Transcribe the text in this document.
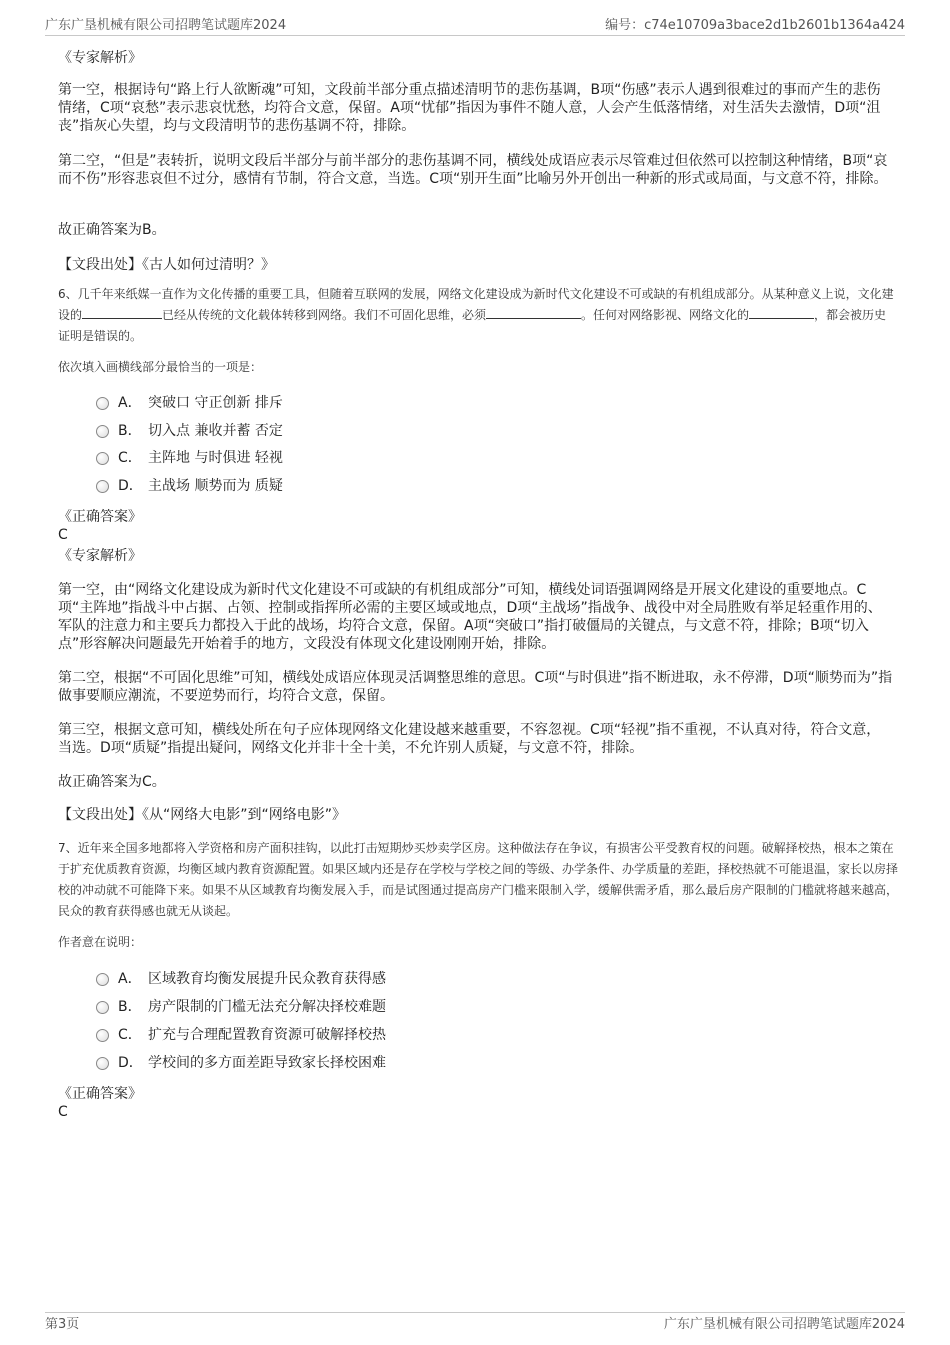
广东广垦机械有限公司招聘笔试题库2024	编号：c74e10709a3bace2d1b2601b1364a424

《专家解析》

第一空，根据诗句“路上行人欲断魂”可知，文段前半部分重点描述清明节的悲伤基调，B项“伤感”表示人遇到很难过的事而产生的悲伤情绪，C项“哀愁”表示悲哀忧愁，均符合文意，保留。A项“忧郁”指因为事件不随人意，人会产生低落情绪，对生活失去激情，D项“沮丧”指灰心失望，均与文段清明节的悲伤基调不符，排除。

第二空，“但是”表转折，说明文段后半部分与前半部分的悲伤基调不同，横线处成语应表示尽管难过但依然可以控制这种情绪，B项“哀而不伤”形容悲哀但不过分，感情有节制，符合文意，当选。C项“别开生面”比喻另外开创出一种新的形式或局面，与文意不符，排除。

故正确答案为B。

【文段出处】《古人如何过清明？》

6、几千年来纸媒一直作为文化传播的重要工具，但随着互联网的发展，网络文化建设成为新时代文化建设不可或缺的有机组成部分。从某种意义上说，文化建设的	已经从传统的文化载体转移到网络。我们不可固化思维，必须	。任何对网络影视、网络文化的	，都会被历史证明是错误的。

依次填入画横线部分最恰当的一项是：

A． 突破口 守正创新 排斥
B． 切入点 兼收并蓄 否定
C． 主阵地 与时俱进 轻视
D． 主战场 顺势而为 质疑

《正确答案》

C

《专家解析》

第一空，由“网络文化建设成为新时代文化建设不可或缺的有机组成部分”可知，横线处词语强调网络是开展文化建设的重要地点。C项“主阵地”指战斗中占据、占领、控制或指挥所必需的主要区域或地点，D项“主战场”指战争、战役中对全局胜败有举足轻重作用的、军队的注意力和主要兵力都投入于此的战场，均符合文意，保留。A项“突破口”指打破僵局的关键点，与文意不符，排除；B项“切入点”形容解决问题最先开始着手的地方，文段没有体现文化建设刚刚开始，排除。

第二空，根据“不可固化思维”可知，横线处成语应体现灵活调整思维的意思。C项“与时俱进”指不断进取，永不停滞，D项“顺势而为”指做事要顺应潮流，不要逆势而行，均符合文意，保留。

第三空，根据文意可知，横线处所在句子应体现网络文化建设越来越重要，不容忽视。C项“轻视”指不重视，不认真对待，符合文意，当选。D项“质疑”指提出疑问，网络文化并非十全十美，不允许别人质疑，与文意不符，排除。

故正确答案为C。

【文段出处】《从“网络大电影”到“网络电影”》

7、近年来全国多地都将入学资格和房产面积挂钩，以此打击短期炒买炒卖学区房。这种做法存在争议，有损害公平受教育权的问题。破解择校热，根本之策在于扩充优质教育资源，均衡区域内教育资源配置。如果区域内还是存在学校与学校之间的等级、办学条件、办学质量的差距，择校热就不可能退温，家长以房择校的冲动就不可能降下来。如果不从区域教育均衡发展入手，而是试图通过提高房产门槛来限制入学，缓解供需矛盾，那么最后房产限制的门槛就将越来越高，民众的教育获得感也就无从谈起。

作者意在说明：

A． 区域教育均衡发展提升民众教育获得感
B． 房产限制的门槛无法充分解决择校难题
C． 扩充与合理配置教育资源可破解择校热
D． 学校间的多方面差距导致家长择校困难

《正确答案》

C

第3页	广东广垦机械有限公司招聘笔试题库2024
